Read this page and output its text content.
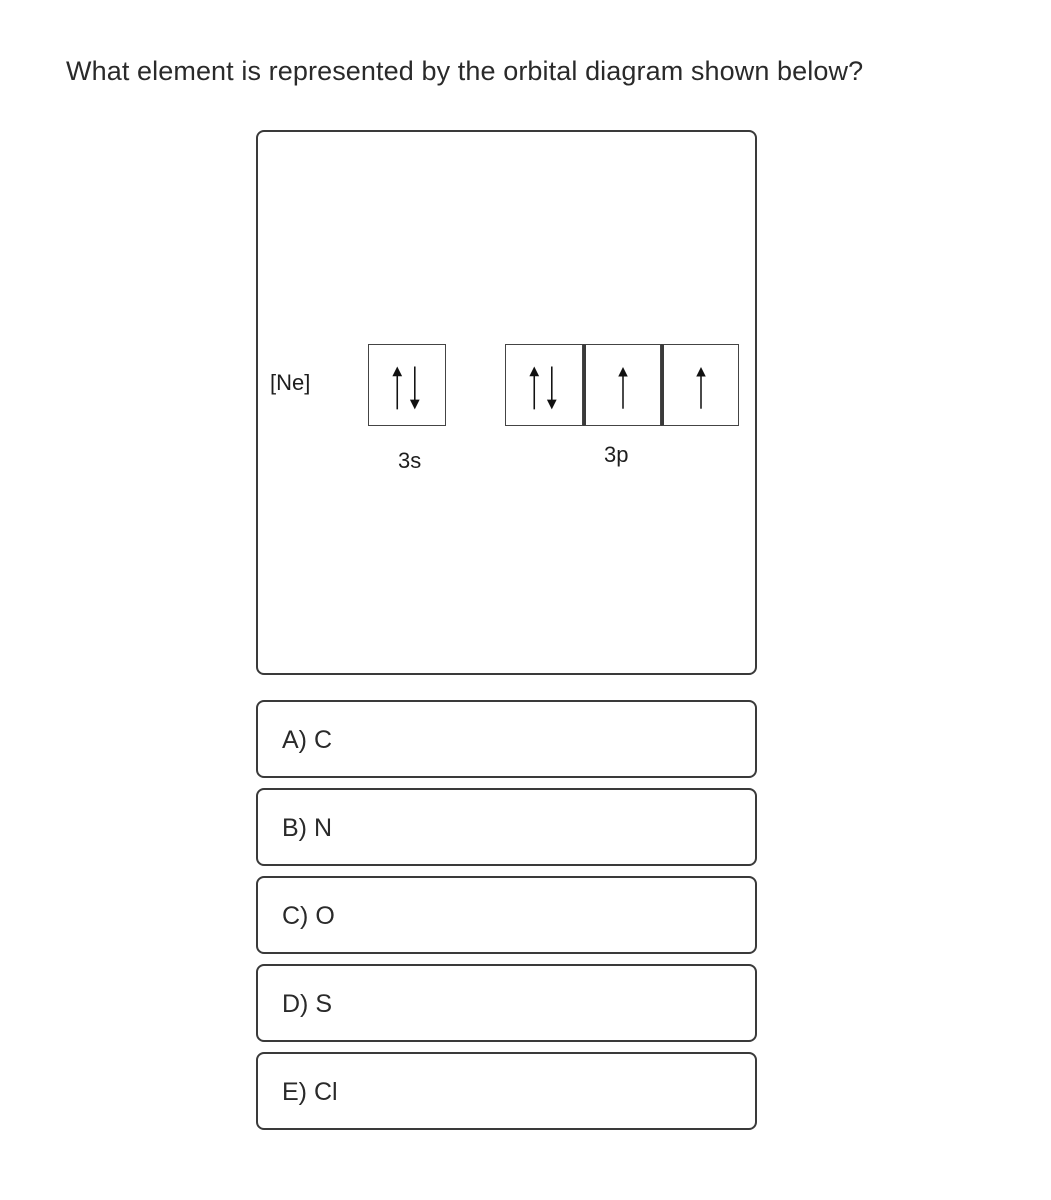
What element is represented by the orbital diagram shown below?
[Ne]
3s	3p
A) C
B) N
C) O
D) S
E) Cl
